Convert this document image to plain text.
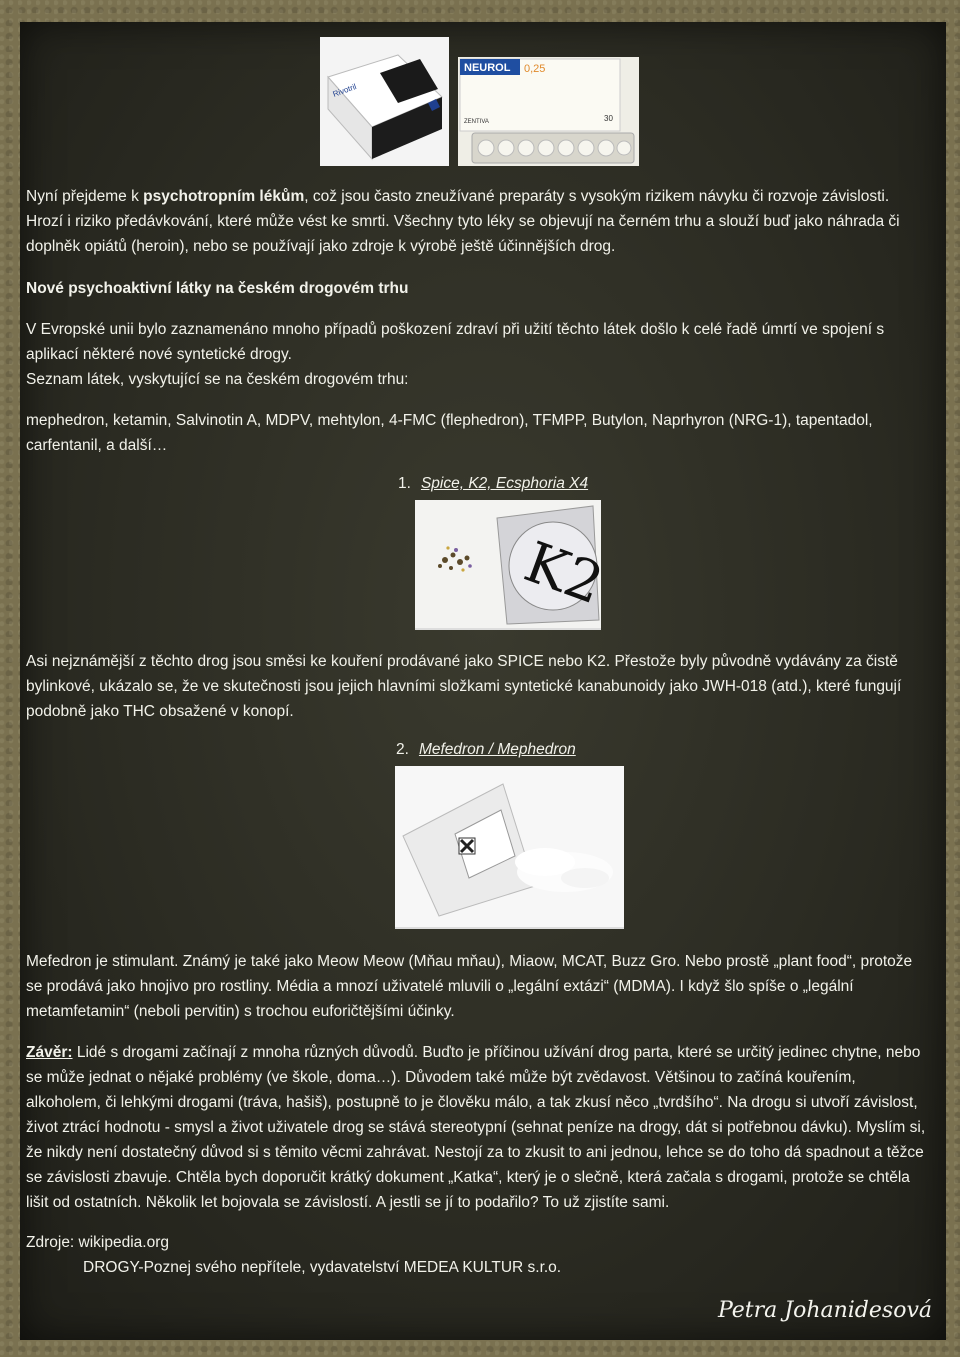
Rivotril
NEUROL 0,25
ZENTIVA	30

Nyní přejdeme k psychotropním lékům, což jsou často zneužívané preparáty s vysokým rizikem návyku či rozvoje závislosti. Hrozí i riziko předávkování, které může vést ke smrti. Všechny tyto léky se objevují na černém trhu a slouží buď jako náhrada či doplněk opiátů (heroin), nebo se používají jako zdroje k výrobě ještě účinnějších drog.

Nové psychoaktivní látky na českém drogovém trhu

V Evropské unii bylo zaznamenáno mnoho případů poškození zdraví při užití těchto látek došlo k celé řadě úmrtí ve spojení s aplikací některé nové syntetické drogy.

Seznam látek, vyskytující se na českém drogovém trhu:

mephedron, ketamin, Salvinotin A, MDPV, mehtylon, 4-FMC (flephedron), TFMPP, Butylon, Naprhyron (NRG-1), tapentadol, carfentanil, a další…
1. Spice, K2, Ecsphoria X4
K2
Asi nejznámější z těchto drog jsou směsi ke kouření prodávané jako SPICE nebo K2. Přestože byly původně vydávány za čistě bylinkové, ukázalo se, že ve skutečnosti jsou jejich hlavními složkami syntetické kanabunoidy jako JWH-018 (atd.), které fungují podobně jako THC obsažené v konopí.
2. Mefedron / Mephedron
Mefedron je stimulant. Známý je také jako Meow Meow (Mňau mňau), Miaow, MCAT, Buzz Gro. Nebo prostě „plant food“, protože se prodává jako hnojivo pro rostliny. Média a mnozí uživatelé mluvili o „legální extázi“ (MDMA). I když šlo spíše o „legální metamfetamin“ (neboli pervitin) s trochou euforičtějšími účinky.

Závěr: Lidé s drogami začínají z mnoha různých důvodů. Buďto je příčinou užívání drog parta, které se určitý jedinec chytne, nebo se může jednat o nějaké problémy (ve škole, doma…). Důvodem také může být zvědavost. Většinou to začíná kouřením, alkoholem, či lehkými drogami (tráva, hašiš), postupně to je člověku málo, a tak zkusí něco „tvrdšího“. Na drogu si utvoří závislost, život ztrácí hodnotu - smysl a život uživatele drog se stává stereotypní (sehnat peníze na drogy, dát si potřebnou dávku). Myslím si, že nikdy není dostatečný důvod si s těmito věcmi zahrávat. Nestojí za to zkusit to ani jednou, lehce se do toho dá spadnout a těžce se závislosti zbavuje. Chtěla bych doporučit krátký dokument „Katka“, který je o slečně, která začala s drogami, protože se chtěla lišit od ostatních. Několik let bojovala se závislostí. A jestli se jí to podařilo? To už zjistíte sami.

Zdroje: wikipedia.org

DROGY-Poznej svého nepřítele, vydavatelství MEDEA KULTUR s.r.o.

Petra Johanidesová
